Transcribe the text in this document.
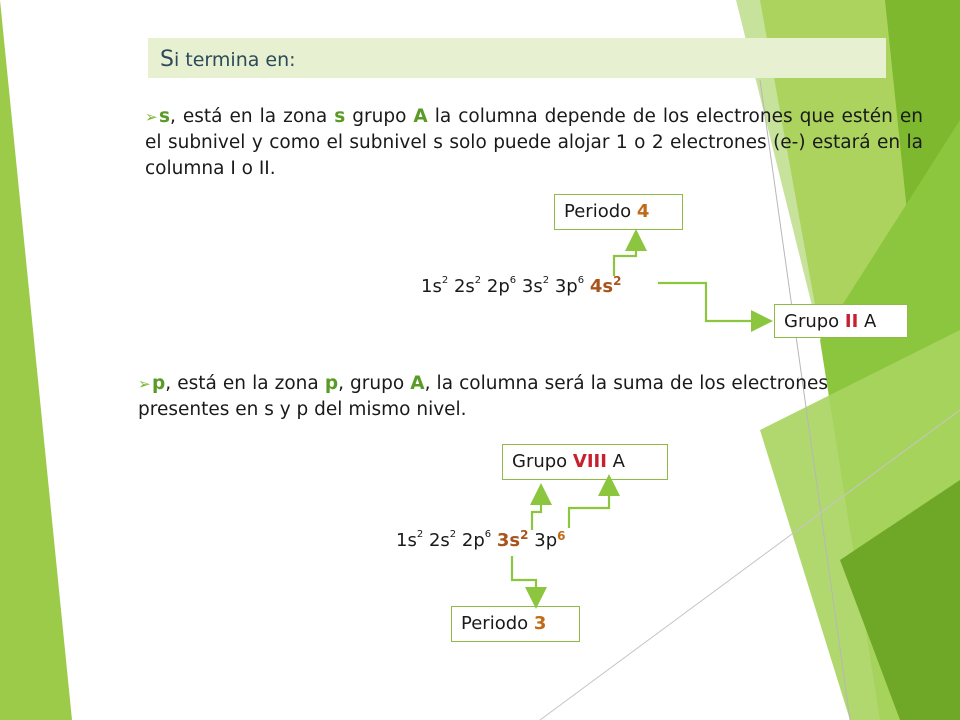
Si termina en:
➢s, está en la zona s grupo A la columna depende de los electrones que estén en el subnivel y como el subnivel s solo puede alojar 1 o 2 electrones (e-) estará en la columna I o II.
Periodo 4
$1s^2$ $2s^2$ $2p^6$ $3s^2$ $3p^6$ $4s^2$
Grupo II A
➢p, está en la zona p, grupo A, la columna será la suma de los electrones presentes en s y p del mismo nivel.
Grupo VIII A
$1s^2$ $2s^2$ $2p^6$ $3s^2$ $3p^6$
Periodo 3
